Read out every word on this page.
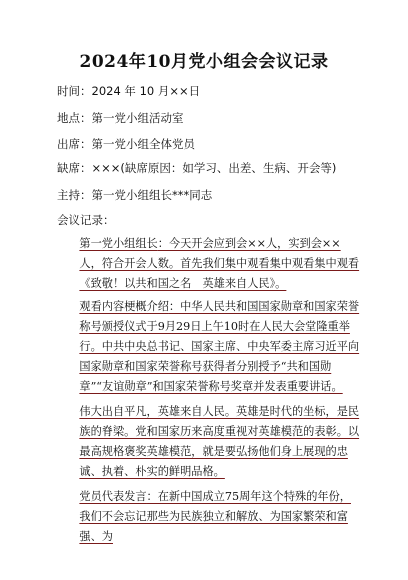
2024年10月党小组会会议记录
时间：2024 年 10 月××日
地点：第一党小组活动室
出席：第一党小组全体党员
缺席：×××(缺席原因：如学习、出差、生病、开会等)
主持：第一党小组组长***同志
会议记录：

第一党小组组长：今天开会应到会××人，实到会××人，符合开会人数。首先我们集中观看集中观看集中观看《致敬！以共和国之名　英雄来自人民》。

观看内容梗概介绍：中华人民共和国国家勋章和国家荣誉称号颁授仪式于9月29日上午10时在人民大会堂隆重举行。中共中央总书记、国家主席、中央军委主席习近平向国家勋章和国家荣誉称号获得者分别授予“共和国勋章”“友谊勋章”和国家荣誉称号奖章并发表重要讲话。

伟大出自平凡，英雄来自人民。英雄是时代的坐标，是民族的脊梁。党和国家历来高度重视对英雄模范的表彰。以最高规格褒奖英雄模范，就是要弘扬他们身上展现的忠诚、执着、朴实的鲜明品格。

党员代表发言：在新中国成立75周年这个特殊的年份，我们不会忘记那些为民族独立和解放、为国家繁荣和富强、为
